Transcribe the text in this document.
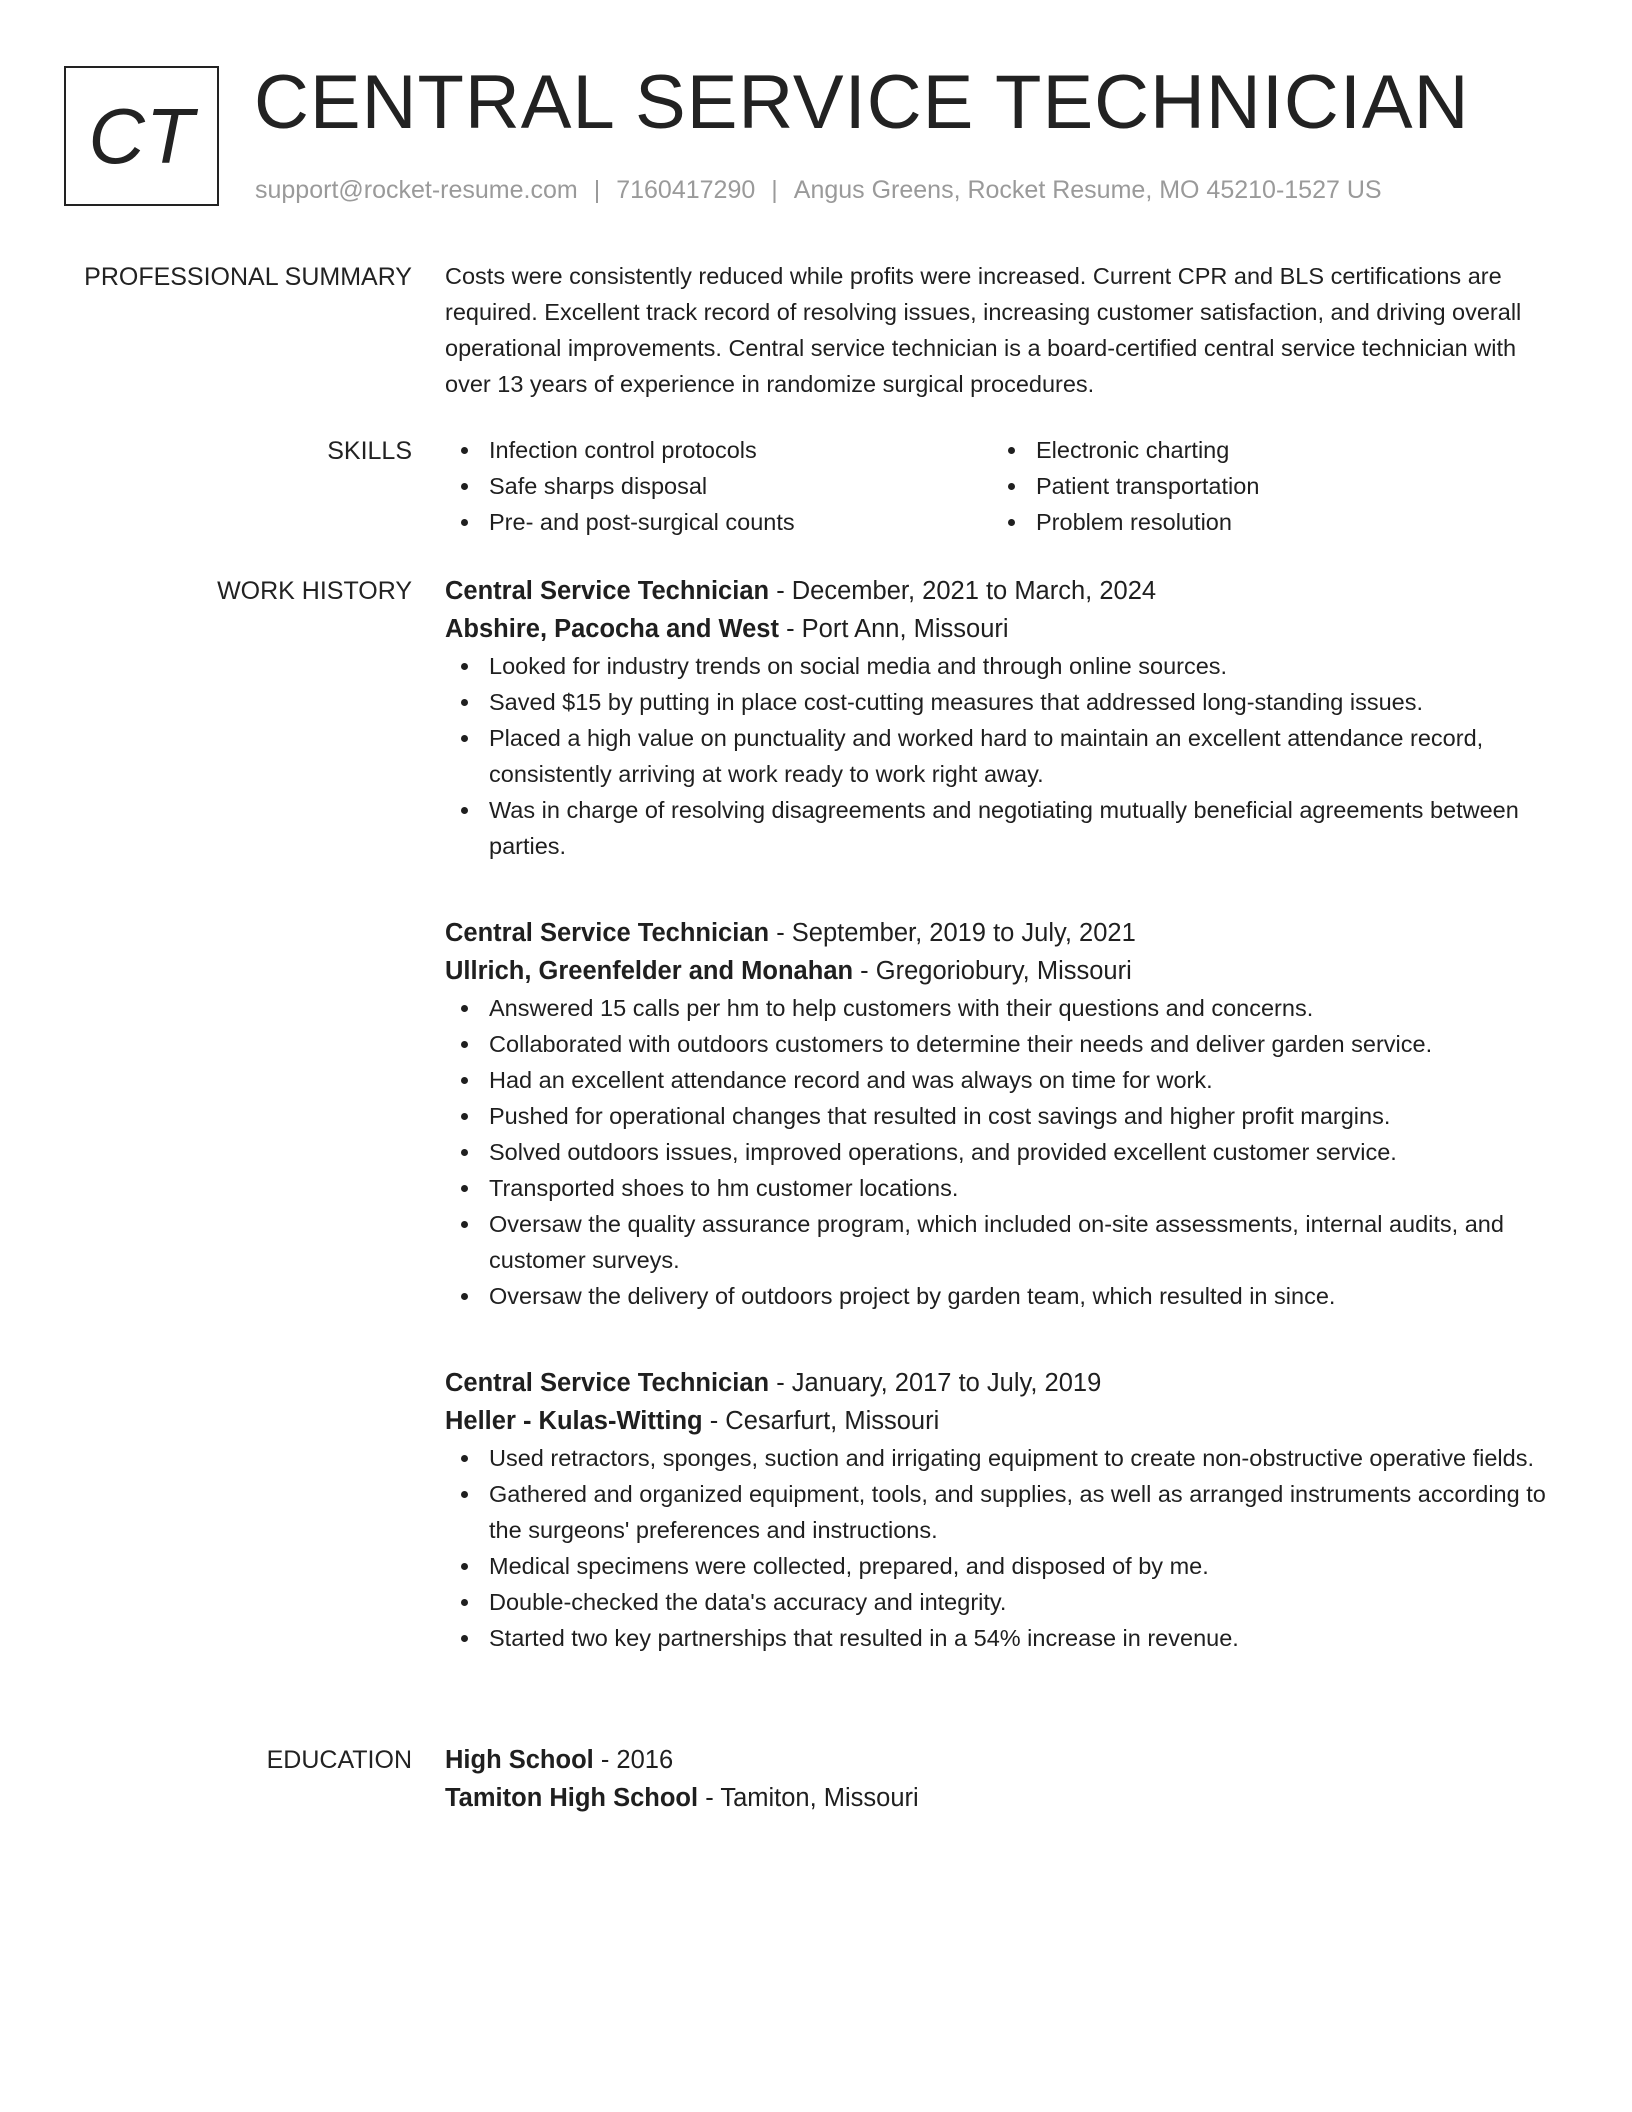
CT CENTRAL SERVICE TECHNICIAN
support@rocket-resume.com | 7160417290 | Angus Greens, Rocket Resume, MO 45210-1527 US
PROFESSIONAL SUMMARY Costs were consistently reduced while profits were increased. Current CPR and BLS certifications are required. Excellent track record of resolving issues, increasing customer satisfaction, and driving overall operational improvements. Central service technician is a board-certified central service technician with over 13 years of experience in randomize surgical procedures.

SKILLS	Infection control protocols
Safe sharps disposal
Pre- and post-surgical counts
Electronic charting
Patient transportation
Problem resolution
WORK HISTORY Central Service Technician - December, 2021 to March, 2024
Abshire, Pacocha and West - Port Ann, Missouri
Looked for industry trends on social media and through online sources.
Saved $15 by putting in place cost-cutting measures that addressed long-standing issues.
Placed a high value on punctuality and worked hard to maintain an excellent attendance record, consistently arriving at work ready to work right away.
Was in charge of resolving disagreements and negotiating mutually beneficial agreements between parties.
Central Service Technician - September, 2019 to July, 2021
Ullrich, Greenfelder and Monahan - Gregoriobury, Missouri
Answered 15 calls per hm to help customers with their questions and concerns.
Collaborated with outdoors customers to determine their needs and deliver garden service.
Had an excellent attendance record and was always on time for work.
Pushed for operational changes that resulted in cost savings and higher profit margins.
Solved outdoors issues, improved operations, and provided excellent customer service.
Transported shoes to hm customer locations.
Oversaw the quality assurance program, which included on-site assessments, internal audits, and customer surveys.
Oversaw the delivery of outdoors project by garden team, which resulted in since.
Central Service Technician - January, 2017 to July, 2019
Heller - Kulas-Witting - Cesarfurt, Missouri
Used retractors, sponges, suction and irrigating equipment to create non-obstructive operative fields.
Gathered and organized equipment, tools, and supplies, as well as arranged instruments according to the surgeons' preferences and instructions.
Medical specimens were collected, prepared, and disposed of by me.
Double-checked the data's accuracy and integrity.
Started two key partnerships that resulted in a 54% increase in revenue.
EDUCATION High School - 2016
Tamiton High School - Tamiton, Missouri
